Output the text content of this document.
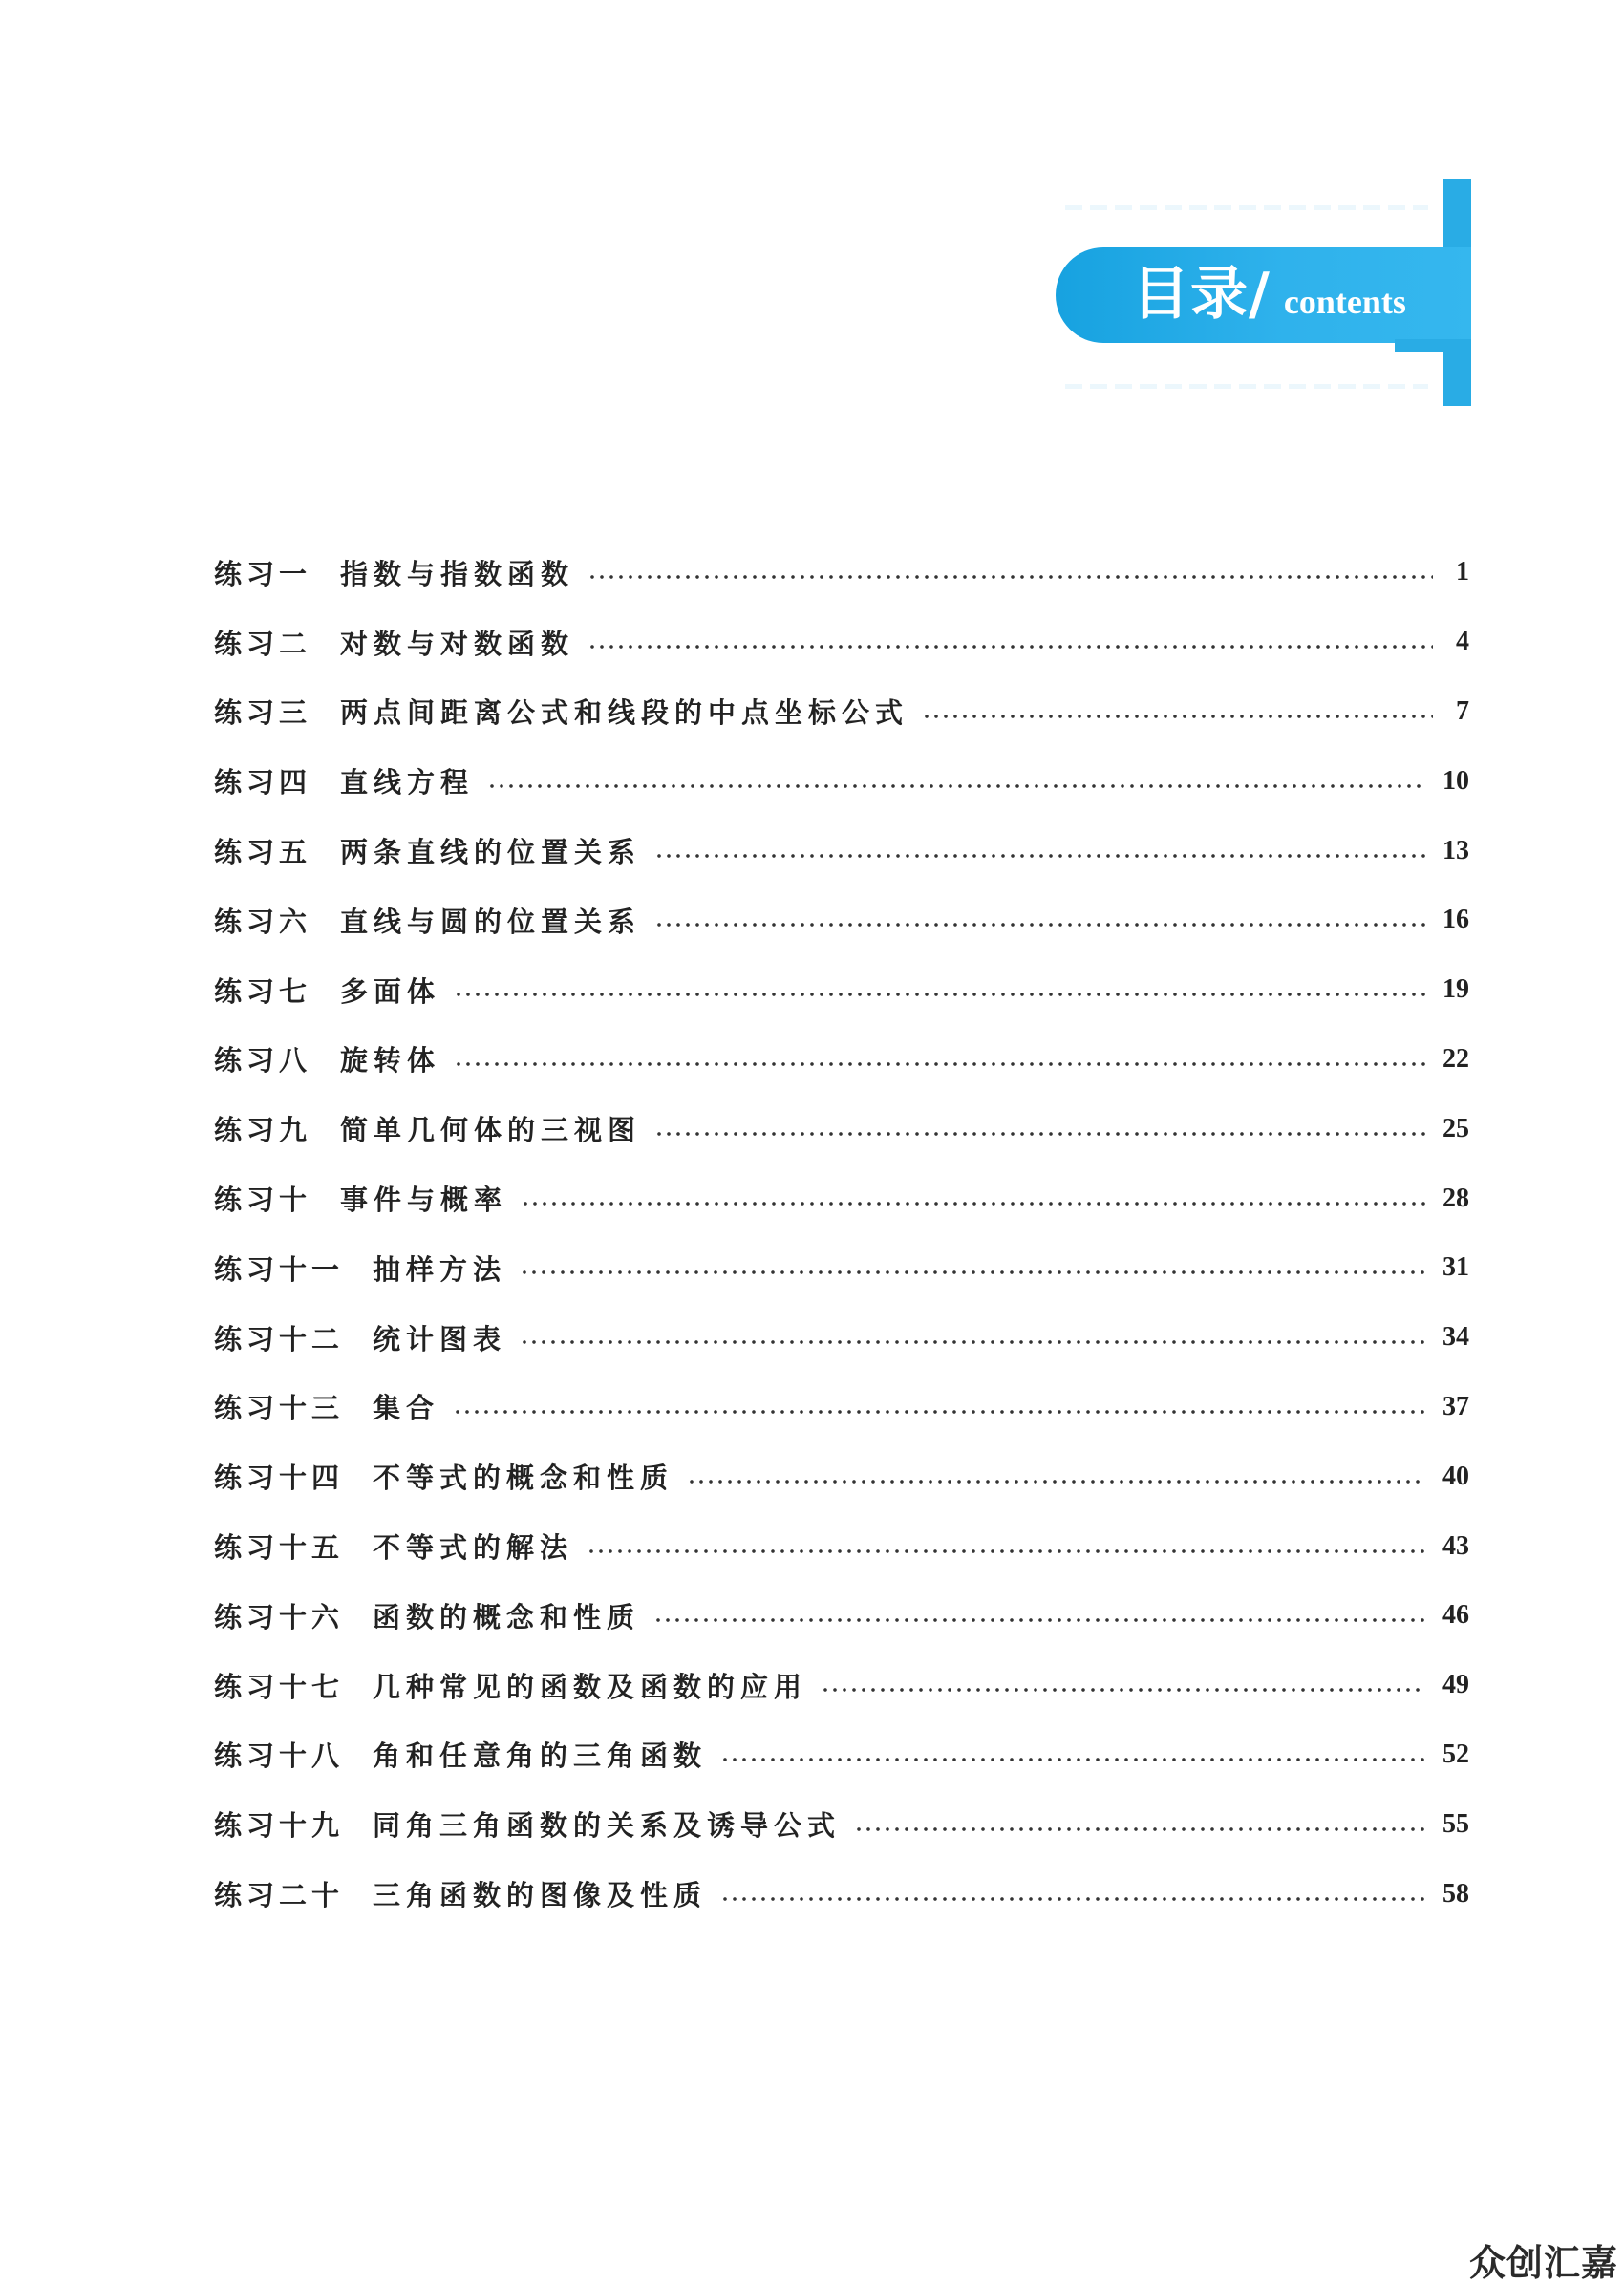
目录/ contents
练习一	指数与指数函数	1
练习二	对数与对数函数	4
练习三	两点间距离公式和线段的中点坐标公式	7
练习四	直线方程	10
练习五	两条直线的位置关系	13
练习六	直线与圆的位置关系	16
练习七	多面体	19
练习八	旋转体	22
练习九	简单几何体的三视图	25
练习十	事件与概率	28
练习十一	抽样方法	31
练习十二	统计图表	34
练习十三	集合	37
练习十四	不等式的概念和性质	40
练习十五	不等式的解法	43
练习十六	函数的概念和性质	46
练习十七	几种常见的函数及函数的应用	49
练习十八	角和任意角的三角函数	52
练习十九	同角三角函数的关系及诱导公式	55
练习二十	三角函数的图像及性质	58
众创汇嘉
